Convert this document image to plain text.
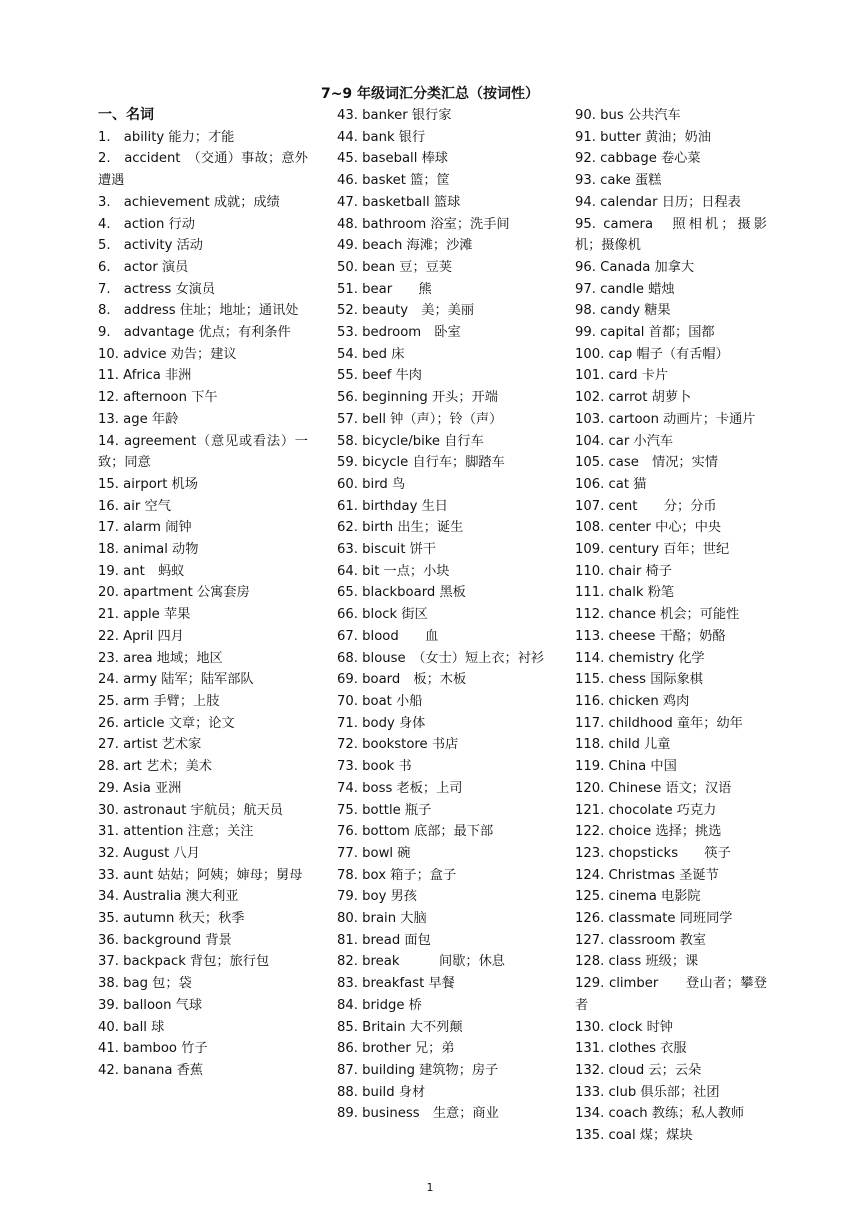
7~9 年级词汇分类汇总（按词性）
一、名词
1.　ability 能力；才能
2.　accident　（交通）事故；意外遭遇
3.　achievement 成就；成绩
4.　action 行动
5.　activity 活动
6.　actor 演员
7.　actress 女演员
8.　address 住址；地址；通讯处
9.　advantage 优点；有利条件
10. advice 劝告；建议
11. Africa 非洲
12. afternoon 下午
13. age 年龄
14. agreement（意见或看法）一致；同意
15. airport 机场
16. air 空气
17. alarm 闹钟
18. animal 动物
19. ant　蚂蚁
20. apartment 公寓套房
21. apple 苹果
22. April 四月
23. area 地域；地区
24. army 陆军；陆军部队
25. arm 手臂；上肢
26. article 文章；论文
27. artist 艺术家
28. art 艺术；美术
29. Asia 亚洲
30. astronaut 宇航员；航天员
31. attention 注意；关注
32. August 八月
33. aunt 姑姑；阿姨；婶母；舅母
34. Australia 澳大利亚
35. autumn 秋天；秋季
36. background 背景
37. backpack 背包；旅行包
38. bag 包；袋
39. balloon 气球
40. ball 球
41. bamboo 竹子
42. banana 香蕉
43. banker 银行家
44. bank 银行
45. baseball 棒球
46. basket 篮；筐
47. basketball 篮球
48. bathroom 浴室；洗手间
49. beach 海滩；沙滩
50. bean 豆；豆荚
51. bear　　熊
52. beauty　美；美丽
53. bedroom　卧室
54. bed 床
55. beef 牛肉
56. beginning 开头；开端
57. bell 钟（声）；铃（声）
58. bicycle/bike 自行车
59. bicycle 自行车；脚踏车
60. bird 鸟
61. birthday 生日
62. birth 出生；诞生
63. biscuit 饼干
64. bit 一点；小块
65. blackboard 黑板
66. block 街区
67. blood　　血
68. blouse　（女士）短上衣；衬衫
69. board　板；木板
70. boat 小船
71. body 身体
72. bookstore 书店
73. book 书
74. boss 老板；上司
75. bottle 瓶子
76. bottom 底部；最下部
77. bowl 碗
78. box 箱子；盒子
79. boy 男孩
80. brain 大脑
81. bread 面包
82. break　　　间歇；休息
83. breakfast 早餐
84. bridge 桥
85. Britain 大不列颠
86. brother 兄；弟
87. building 建筑物；房子
88. build 身材
89. business　生意；商业
90. bus 公共汽车
91. butter 黄油；奶油
92. cabbage 卷心菜
93. cake 蛋糕
94. calendar 日历；日程表
95. camera　照相机；摄影机；摄像机
96. Canada 加拿大
97. candle 蜡烛
98. candy 糖果
99. capital 首都；国都
100. cap 帽子（有舌帽）
101. card 卡片
102. carrot 胡萝卜
103. cartoon 动画片；卡通片
104. car 小汽车
105. case　情况；实情
106. cat 猫
107. cent　　分；分币
108. center 中心；中央
109. century 百年；世纪
110. chair 椅子
111. chalk 粉笔
112. chance 机会；可能性
113. cheese 干酪；奶酪
114. chemistry 化学
115. chess 国际象棋
116. chicken 鸡肉
117. childhood 童年；幼年
118. child 儿童
119. China 中国
120. Chinese 语文；汉语
121. chocolate 巧克力
122. choice 选择；挑选
123. chopsticks　　筷子
124. Christmas 圣诞节
125. cinema 电影院
126. classmate 同班同学
127. classroom 教室
128. class 班级；课
129. climber　　登山者；攀登者
130. clock 时钟
131. clothes 衣服
132. cloud 云；云朵
133. club 俱乐部；社团
134. coach 教练；私人教师
135. coal 煤；煤块
1
